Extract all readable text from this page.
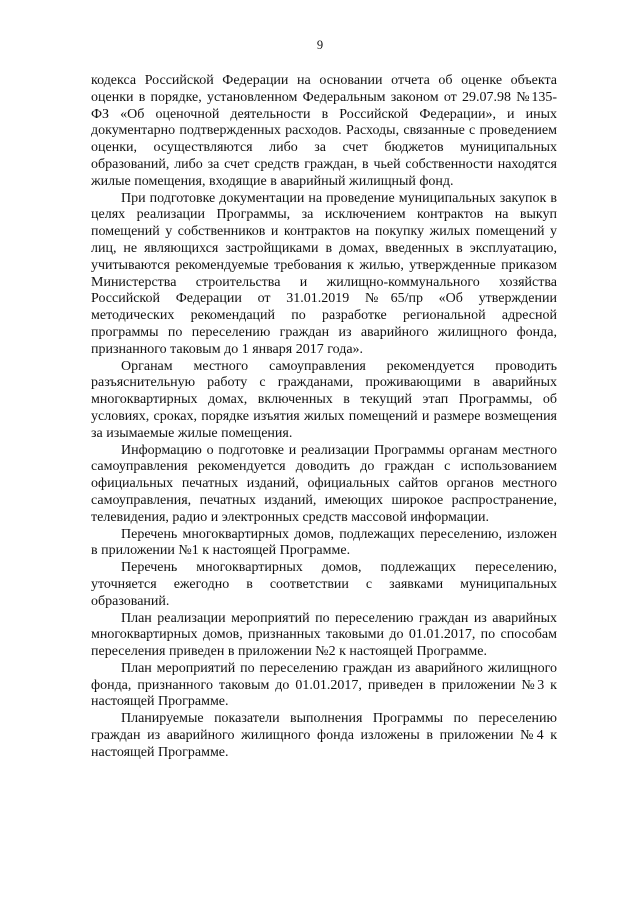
9

кодекса Российской Федерации на основании отчета об оценке объекта оценки в порядке, установленном Федеральным законом от 29.07.98 №135-ФЗ «Об оценочной деятельности в Российской Федерации», и иных документарно подтвержденных расходов. Расходы, связанные с проведением оценки, осуществляются либо за счет бюджетов муниципальных образований, либо за счет средств граждан, в чьей собственности находятся жилые помещения, входящие в аварийный жилищный фонд.

При подготовке документации на проведение муниципальных закупок в целях реализации Программы, за исключением контрактов на выкуп помещений у собственников и контрактов на покупку жилых помещений у лиц, не являющихся застройщиками в домах, введенных в эксплуатацию, учитываются рекомендуемые требования к жилью, утвержденные приказом Министерства строительства и жилищно-коммунального хозяйства Российской Федерации от 31.01.2019 №65/пр «Об утверждении методических рекомендаций по разработке региональной адресной программы по переселению граждан из аварийного жилищного фонда, признанного таковым до 1 января 2017 года».

Органам местного самоуправления рекомендуется проводить разъяснительную работу с гражданами, проживающими в аварийных многоквартирных домах, включенных в текущий этап Программы, об условиях, сроках, порядке изъятия жилых помещений и размере возмещения за изымаемые жилые помещения.

Информацию о подготовке и реализации Программы органам местного самоуправления рекомендуется доводить до граждан с использованием официальных печатных изданий, официальных сайтов органов местного самоуправления, печатных изданий, имеющих широкое распространение, телевидения, радио и электронных средств массовой информации.

Перечень многоквартирных домов, подлежащих переселению, изложен в приложении №1 к настоящей Программе.

Перечень многоквартирных домов, подлежащих переселению, уточняется ежегодно в соответствии с заявками муниципальных образований.

План реализации мероприятий по переселению граждан из аварийных многоквартирных домов, признанных таковыми до 01.01.2017, по способам переселения приведен в приложении №2 к настоящей Программе.

План мероприятий по переселению граждан из аварийного жилищного фонда, признанного таковым до 01.01.2017, приведен в приложении №3 к настоящей Программе.

Планируемые показатели выполнения Программы по переселению граждан из аварийного жилищного фонда изложены в приложении №4 к настоящей Программе.
